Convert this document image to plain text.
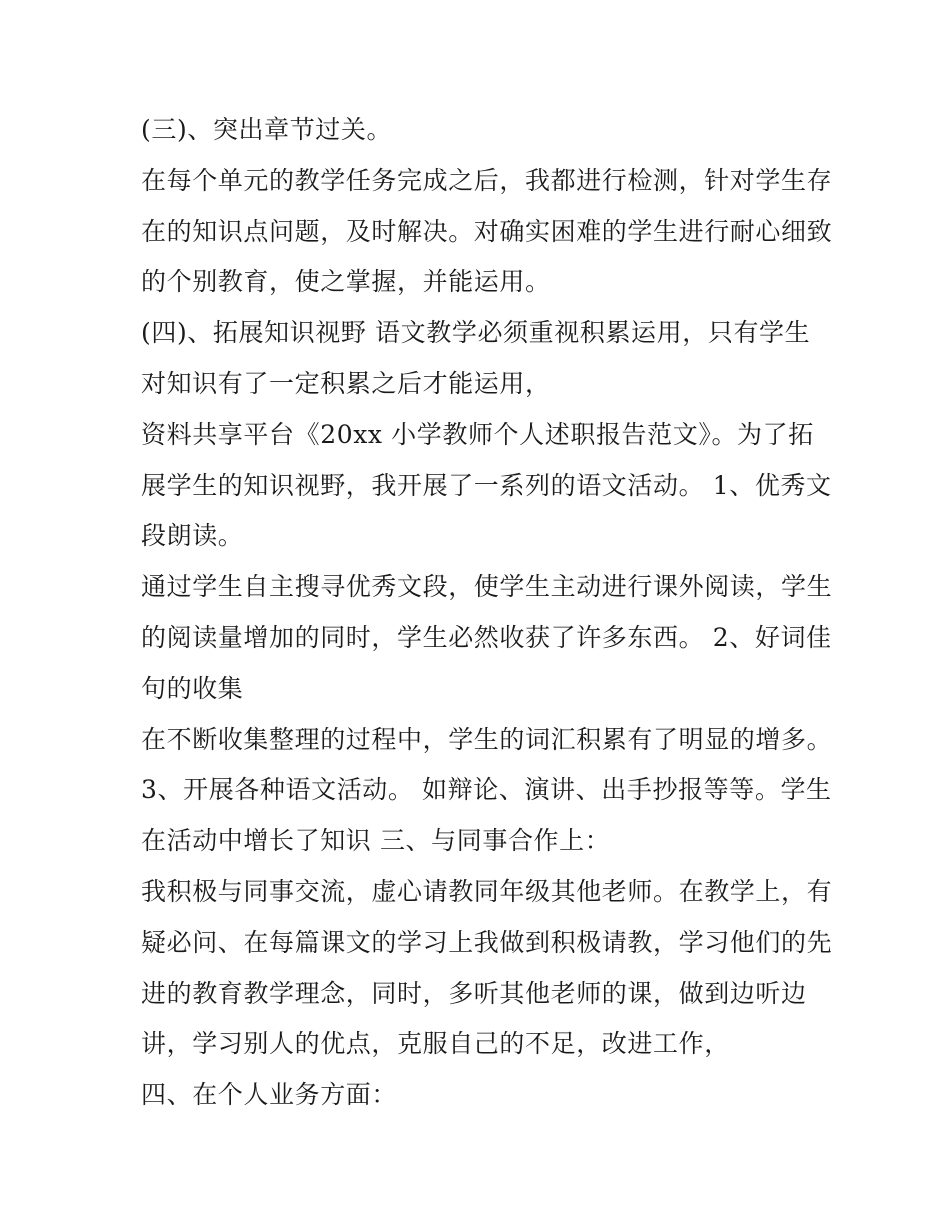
(三)、突出章节过关。
在每个单元的教学任务完成之后，我都进行检测，针对学生存
在的知识点问题，及时解决。对确实困难的学生进行耐心细致
的个别教育，使之掌握，并能运用。
(四)、拓展知识视野 语文教学必须重视积累运用，只有学生
对知识有了一定积累之后才能运用，
资料共享平台《20xx 小学教师个人述职报告范文》。为了拓
展学生的知识视野，我开展了一系列的语文活动。 1、优秀文
段朗读。
通过学生自主搜寻优秀文段，使学生主动进行课外阅读，学生
的阅读量增加的同时，学生必然收获了许多东西。 2、好词佳
句的收集
在不断收集整理的过程中，学生的词汇积累有了明显的增多。
3、开展各种语文活动。 如辩论、演讲、出手抄报等等。学生
在活动中增长了知识 三、与同事合作上：
我积极与同事交流，虚心请教同年级其他老师。在教学上，有
疑必问、在每篇课文的学习上我做到积极请教，学习他们的先
进的教育教学理念，同时，多听其他老师的课，做到边听边
讲，学习别人的优点，克服自己的不足，改进工作，
四、在个人业务方面：
